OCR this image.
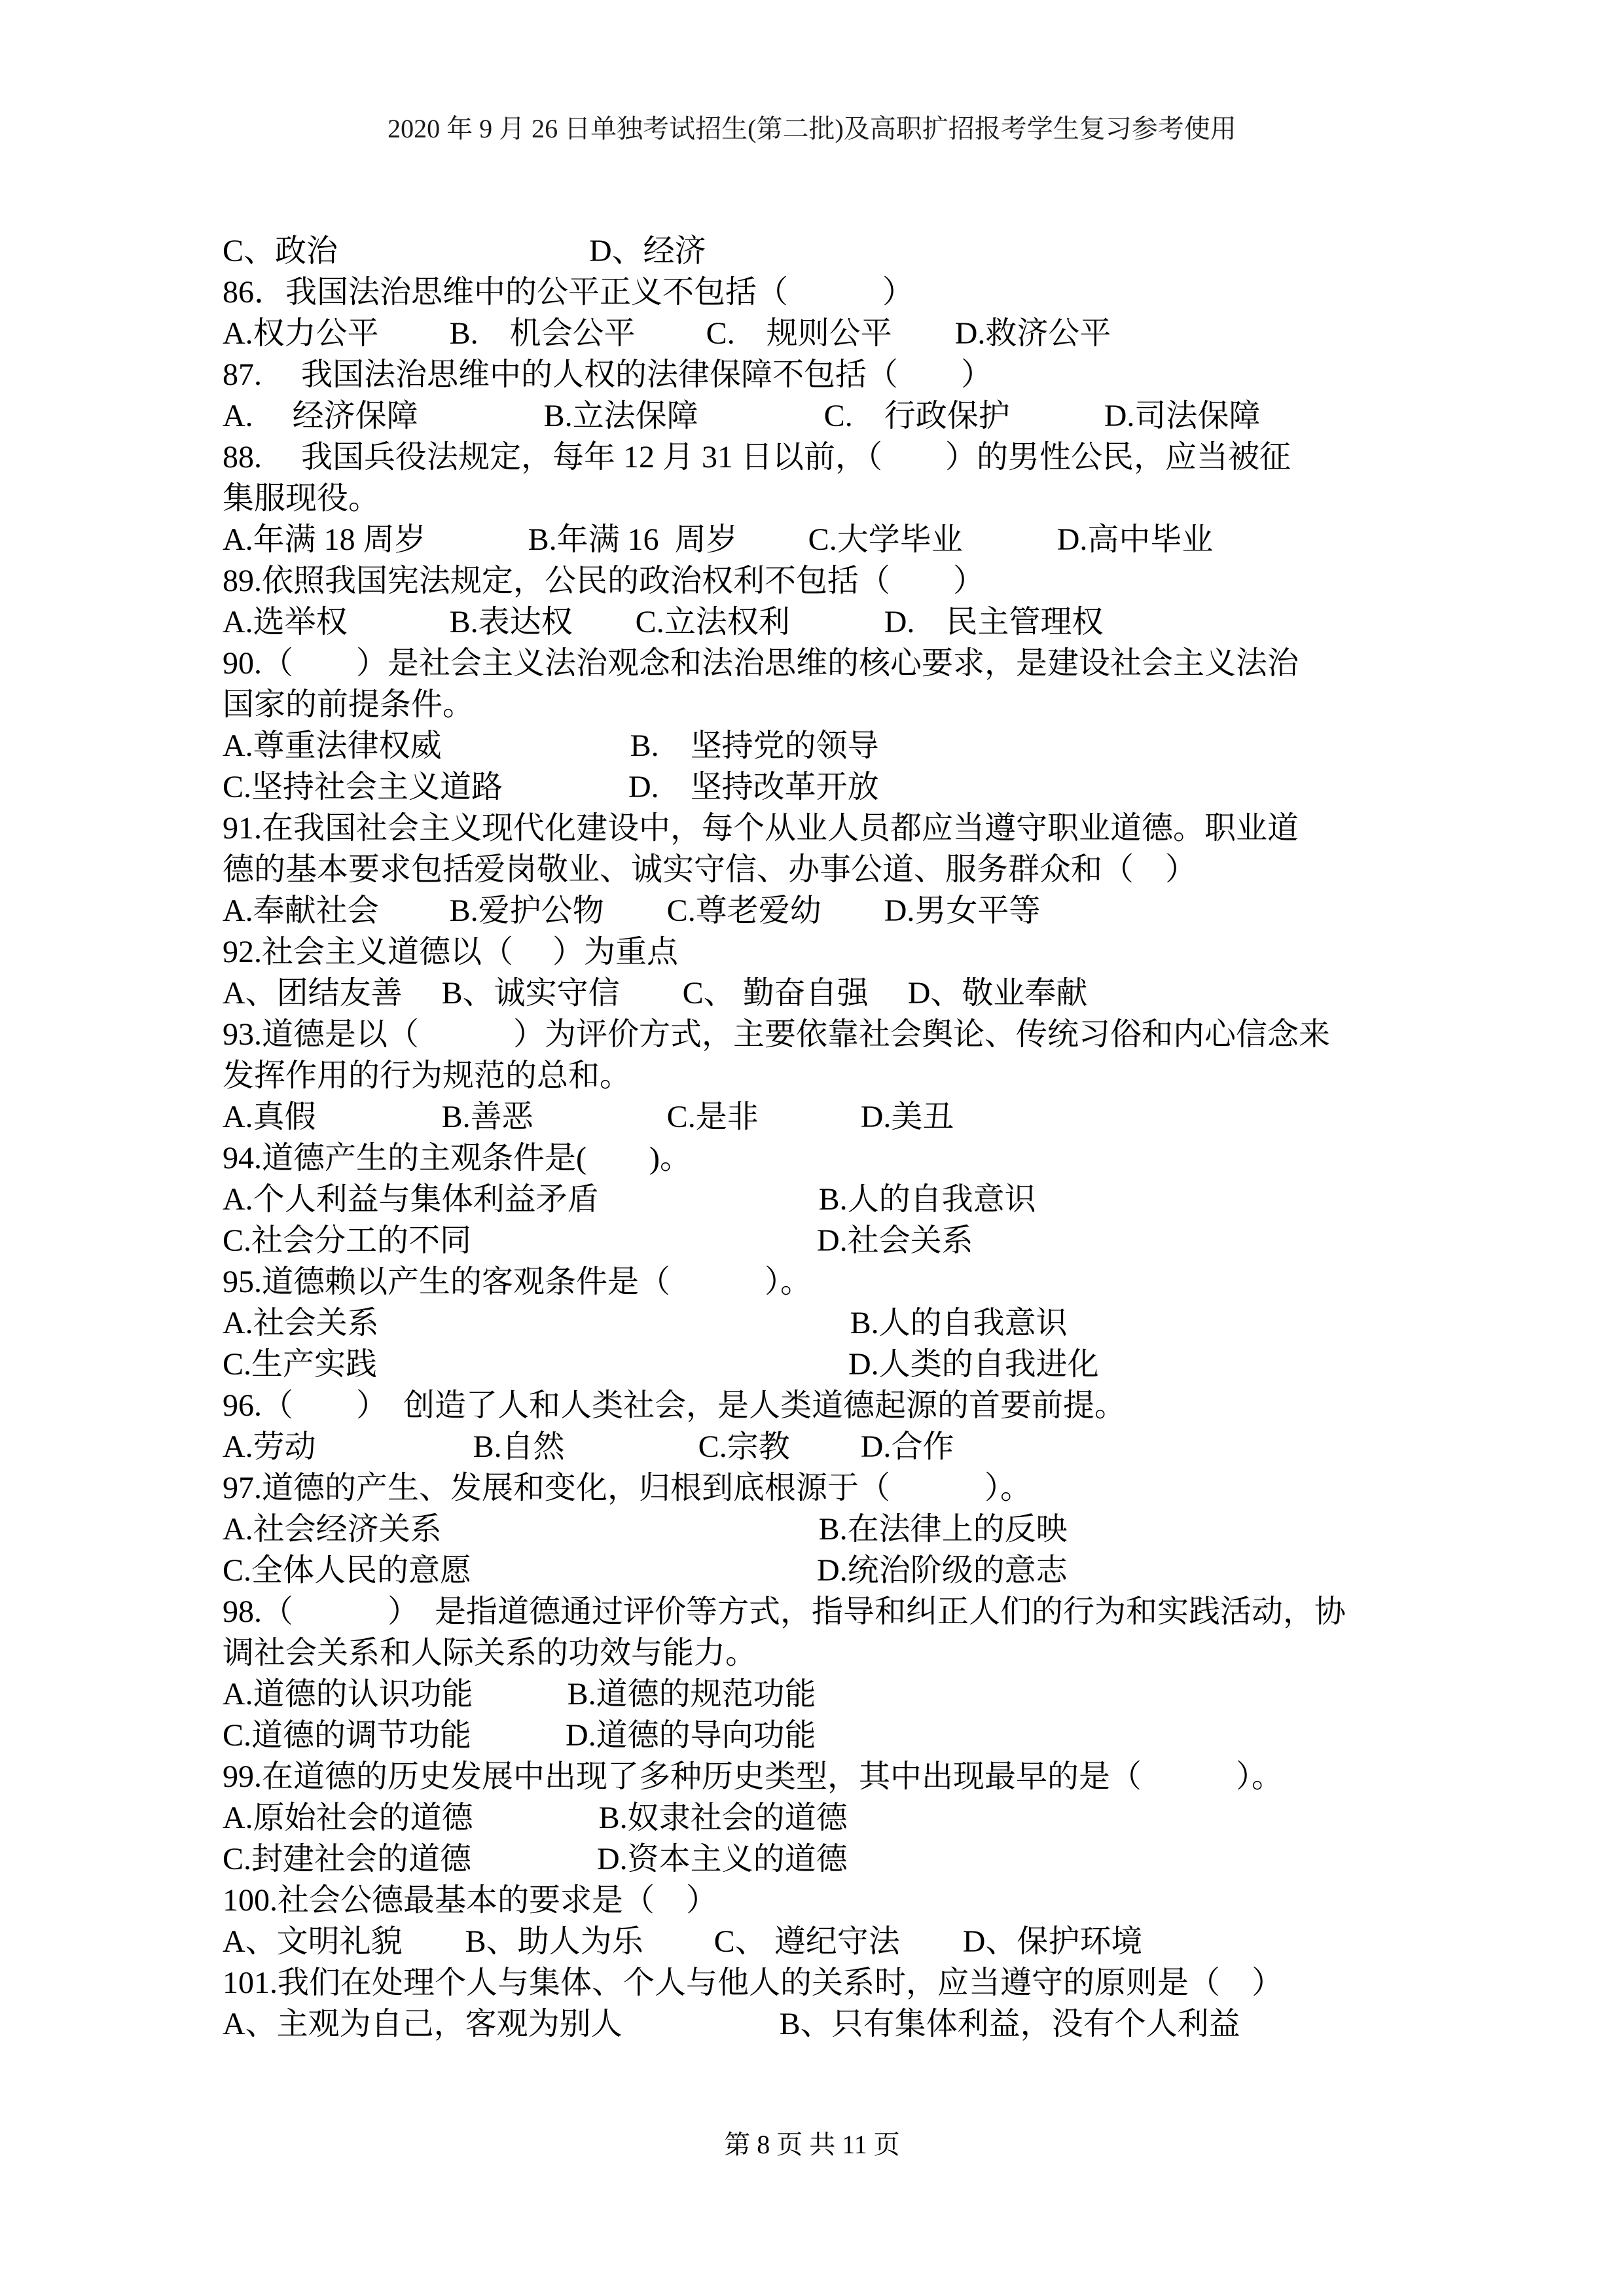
2020 年 9 月 26 日单独考试招生(第二批)及高职扩招报考学生复习参考使用

C、政治　　　　　　　　D、经济

86．我国法治思维中的公平正义不包括（　　　）

A.权力公平　　 B.　机会公平　　 C.　规则公平　　D.救济公平

87.　 我国法治思维中的人权的法律保障不包括（　　）

A.　 经济保障　　　　B.立法保障　　　　C.　行政保护　　　D.司法保障

88.　 我国兵役法规定，每年 12 月 31 日以前，（　　）的男性公民，应当被征

集服现役。

A.年满 18 周岁　　　 B.年满 16  周岁　　 C.大学毕业　　　D.高中毕业

89.依照我国宪法规定，公民的政治权利不包括（　　）

A.选举权　　　 B.表达权　　C.立法权利　　　D.　民主管理权

90.（　　）是社会主义法治观念和法治思维的核心要求，是建设社会主义法治

国家的前提条件。

A.尊重法律权威　　　　　　B.　坚持党的领导

C.坚持社会主义道路　　　　D.　坚持改革开放

91.在我国社会主义现代化建设中，每个从业人员都应当遵守职业道德。职业道

德的基本要求包括爱岗敬业、诚实守信、办事公道、服务群众和（　）

A.奉献社会　　 B.爱护公物　　C.尊老爱幼　　D.男女平等

92.社会主义道德以（　 ）为重点

A、团结友善　 B、诚实守信　　C、 勤奋自强　 D、敬业奉献

93.道德是以（　　　）为评价方式，主要依靠社会舆论、传统习俗和内心信念来

发挥作用的行为规范的总和。

A.真假　　　　B.善恶　　　　 C.是非　　　 D.美丑

94.道德产生的主观条件是(　　)。

A.个人利益与集体利益矛盾　　　　　　　B.人的自我意识

C.社会分工的不同　　　　　　　　　　　D.社会关系

95.道德赖以产生的客观条件是（　　　）。

A.社会关系　　　　　　　　　　　　　　　B.人的自我意识

C.生产实践　　　　　　　　　　　　　　　D.人类的自我进化

96.（　　）　创造了人和人类社会，是人类道德起源的首要前提。

A.劳动　　　　　B.自然　　　　 C.宗教　　 D.合作

97.道德的产生、发展和变化，归根到底根源于（　　　）。

A.社会经济关系　　　　　　　　　　　　B.在法律上的反映

C.全体人民的意愿　　　　　　　　　　　D.统治阶级的意志

98.（　　　）　是指道德通过评价等方式，指导和纠正人们的行为和实践活动，协

调社会关系和人际关系的功效与能力。

A.道德的认识功能　　　B.道德的规范功能

C.道德的调节功能　　　D.道德的导向功能

99.在道德的历史发展中出现了多种历史类型，其中出现最早的是（　　　）。

A.原始社会的道德　　　　B.奴隶社会的道德

C.封建社会的道德　　　　D.资本主义的道德

100.社会公德最基本的要求是（　）

A、文明礼貌　　B、助人为乐　　 C、 遵纪守法　　D、保护环境

101.我们在处理个人与集体、个人与他人的关系时，应当遵守的原则是（　）

A、主观为自己，客观为别人　　　　　B、只有集体利益，没有个人利益

第 8 页 共 11 页
